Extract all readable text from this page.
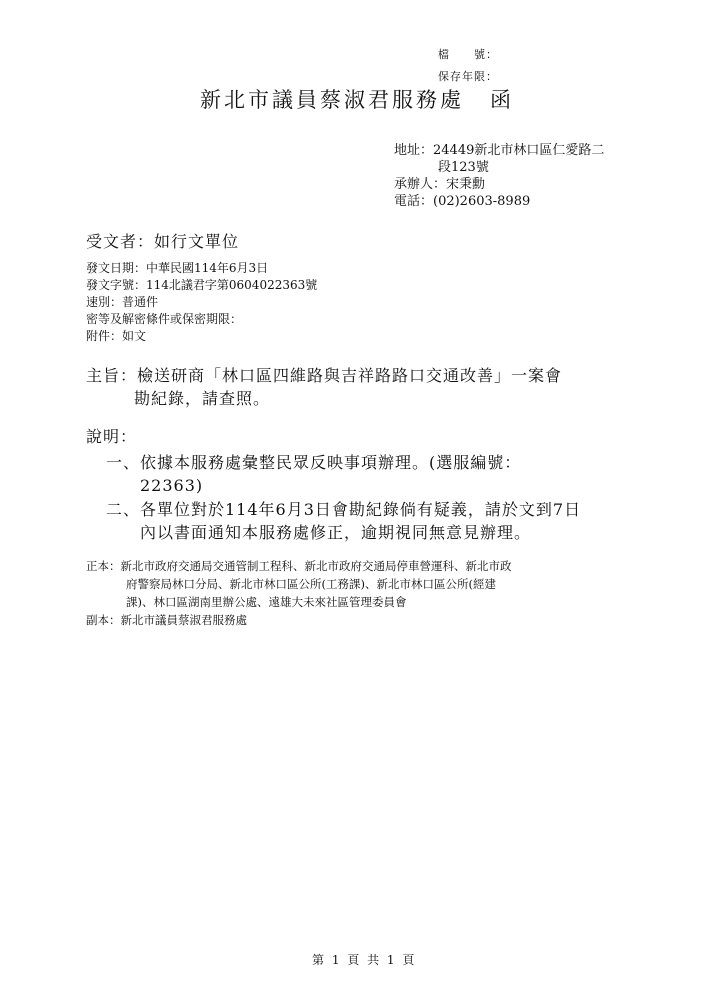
檔　　號：
保存年限：
新北市議員蔡淑君服務處 函
地址：24449新北市林口區仁愛路二
段123號
承辦人：宋秉勳
電話：(02)2603-8989
受文者：如行文單位
發文日期：中華民國114年6月3日
發文字號：114北議君字第0604022363號
速別：普通件
密等及解密條件或保密期限：
附件：如文
主旨：檢送研商「林口區四維路與吉祥路路口交通改善」一案會
勘紀錄，請查照。
說明：
一、依據本服務處彙整民眾反映事項辦理。(選服編號：
22363)
二、各單位對於114年6月3日會勘紀錄倘有疑義，請於文到7日
內以書面通知本服務處修正，逾期視同無意見辦理。
正本：新北市政府交通局交通管制工程科、新北市政府交通局停車營運科、新北市政
府警察局林口分局、新北市林口區公所(工務課)、新北市林口區公所(經建
課)、林口區湖南里辦公處、遠雄大未來社區管理委員會
副本：新北市議員蔡淑君服務處
第 1 頁 共 1 頁
